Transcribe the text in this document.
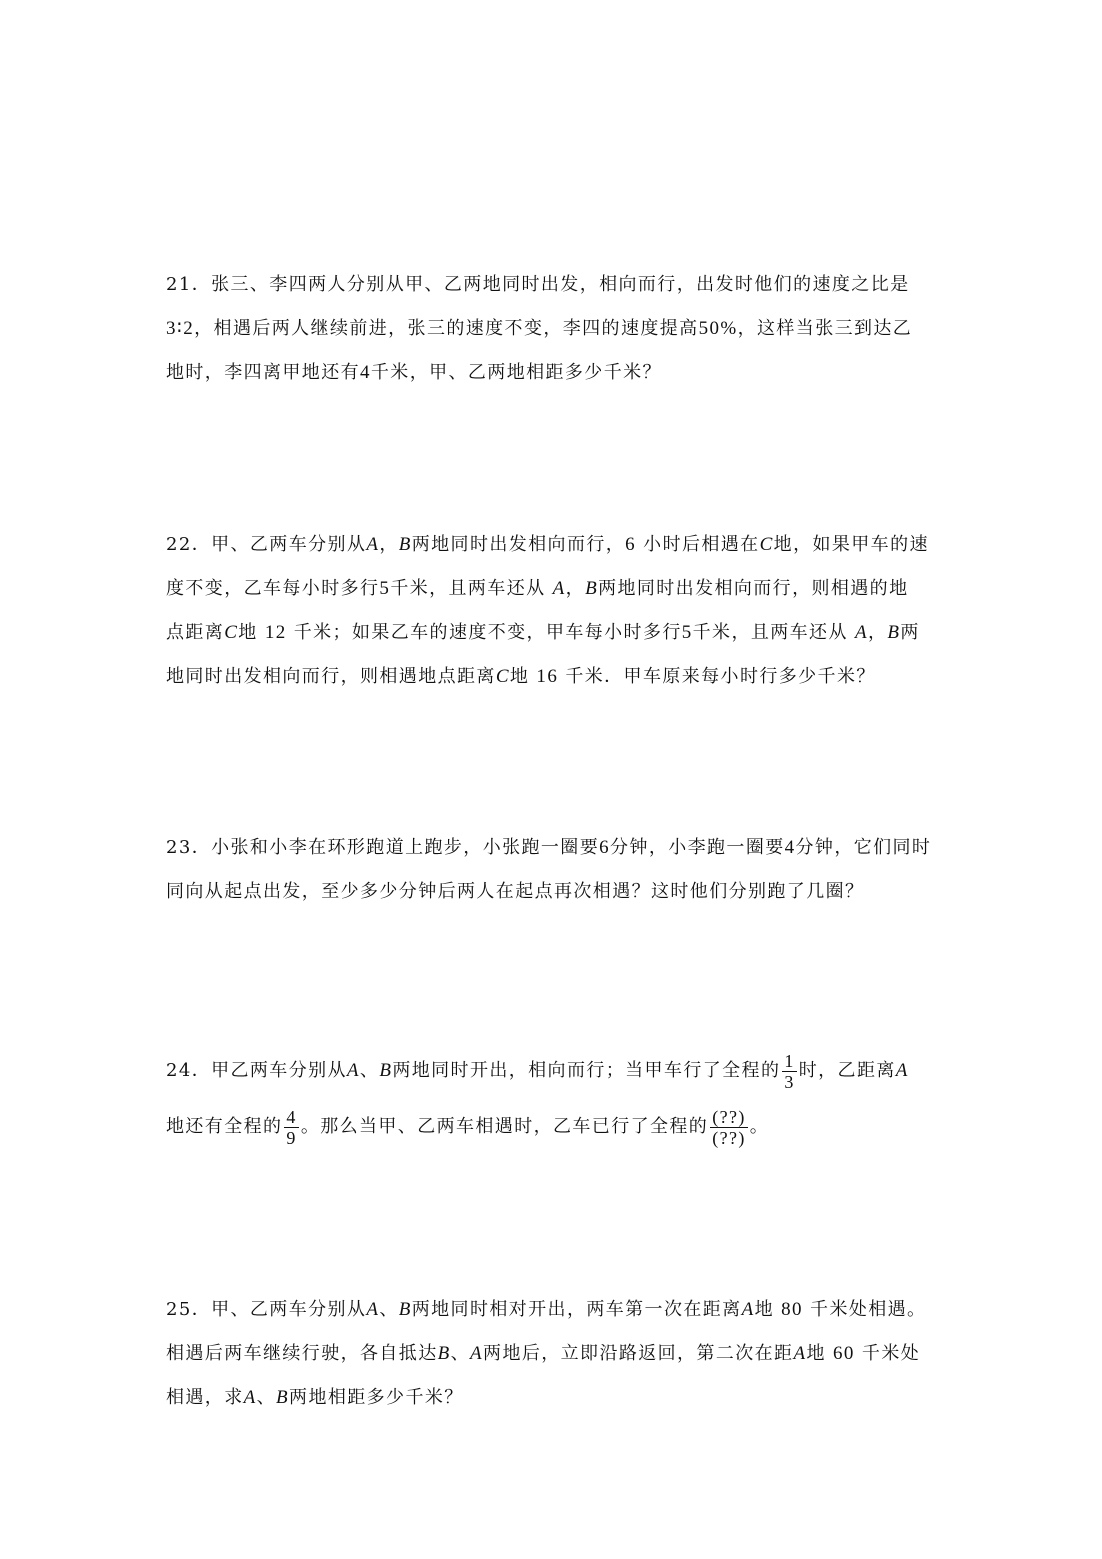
21．张三、李四两人分别从甲、乙两地同时出发，相向而行，出发时他们的速度之比是
3∶2，相遇后两人继续前进，张三的速度不变，李四的速度提高50%，这样当张三到达乙
地时，李四离甲地还有4千米，甲、乙两地相距多少千米？
22．甲、乙两车分别从A，B两地同时出发相向而行，6 小时后相遇在C地，如果甲车的速
度不变，乙车每小时多行5千米，且两车还从 A，B两地同时出发相向而行，则相遇的地
点距离C地 12 千米；如果乙车的速度不变，甲车每小时多行5千米，且两车还从 A，B两
地同时出发相向而行，则相遇地点距离C地 16 千米．甲车原来每小时行多少千米？
23．小张和小李在环形跑道上跑步，小张跑一圈要6分钟，小李跑一圈要4分钟，它们同时
同向从起点出发，至少多少分钟后两人在起点再次相遇？这时他们分别跑了几圈？
24．甲乙两车分别从A、B两地同时开出，相向而行；当甲车行了全程的 $\frac{1}{3}$ 时，乙距离A
地还有全程的 $\frac{4}{9}$ 。那么当甲、乙两车相遇时，乙车已行了全程的 $\frac{(??)}{(??)}$ 。
25．甲、乙两车分别从A、B两地同时相对开出，两车第一次在距离A地 80 千米处相遇。
相遇后两车继续行驶，各自抵达B、A两地后，立即沿路返回，第二次在距A地 60 千米处
相遇，求A、B两地相距多少千米？
